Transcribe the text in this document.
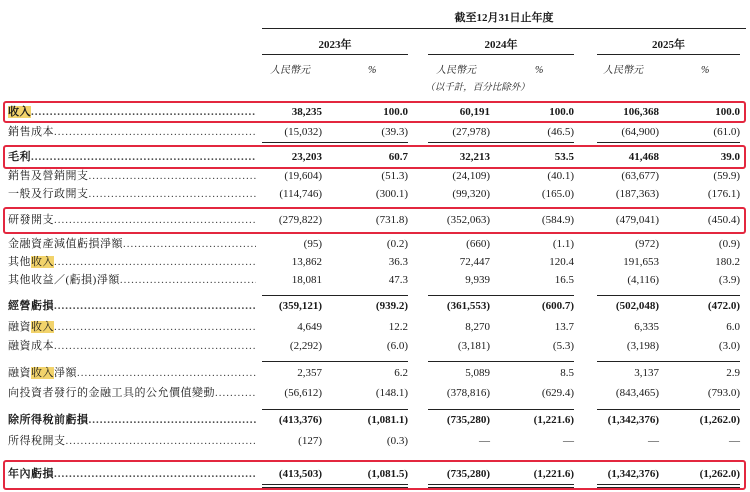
截至12月31日止年度
2023年	2024年	2025年
人民幣元	%	人民幣元	%	人民幣元	%
（以千計，百分比除外）
收入 .....	38,235	100.0	60,191	100.0	106,368	100.0
銷售成本 .....	(15,032)	(39.3)	(27,978)	(46.5)	(64,900)	(61.0)
毛利 .....	23,203	60.7	32,213	53.5	41,468	39.0
銷售及營銷開支 .....	(19,604)	(51.3)	(24,109)	(40.1)	(63,677)	(59.9)
一般及行政開支 .....	(114,746)	(300.1)	(99,320)	(165.0)	(187,363)	(176.1)
研發開支 .....	(279,822)	(731.8)	(352,063)	(584.9)	(479,041)	(450.4)
金融資產減值虧損淨額 .....	(95)	(0.2)	(660)	(1.1)	(972)	(0.9)
其他收入 .....	13,862	36.3	72,447	120.4	191,653	180.2
其他收益／(虧損)淨額 .....	18,081	47.3	9,939	16.5	(4,116)	(3.9)
經營虧損 .....	(359,121)	(939.2)	(361,553)	(600.7)	(502,048)	(472.0)
融資收入 .....	4,649	12.2	8,270	13.7	6,335	6.0
融資成本 .....	(2,292)	(6.0)	(3,181)	(5.3)	(3,198)	(3.0)
融資收入淨額 .....	2,357	6.2	5,089	8.5	3,137	2.9
向投資者發行的金融工具的公允價值變動 .....	(56,612)	(148.1)	(378,816)	(629.4)	(843,465)	(793.0)
除所得稅前虧損 .....	(413,376)	(1,081.1)	(735,280)	(1,221.6)	(1,342,376)	(1,262.0)
所得稅開支 .....	(127)	(0.3)	—	—	—	—
年內虧損 .....	(413,503)	(1,081.5)	(735,280)	(1,221.6)	(1,342,376)	(1,262.0)
